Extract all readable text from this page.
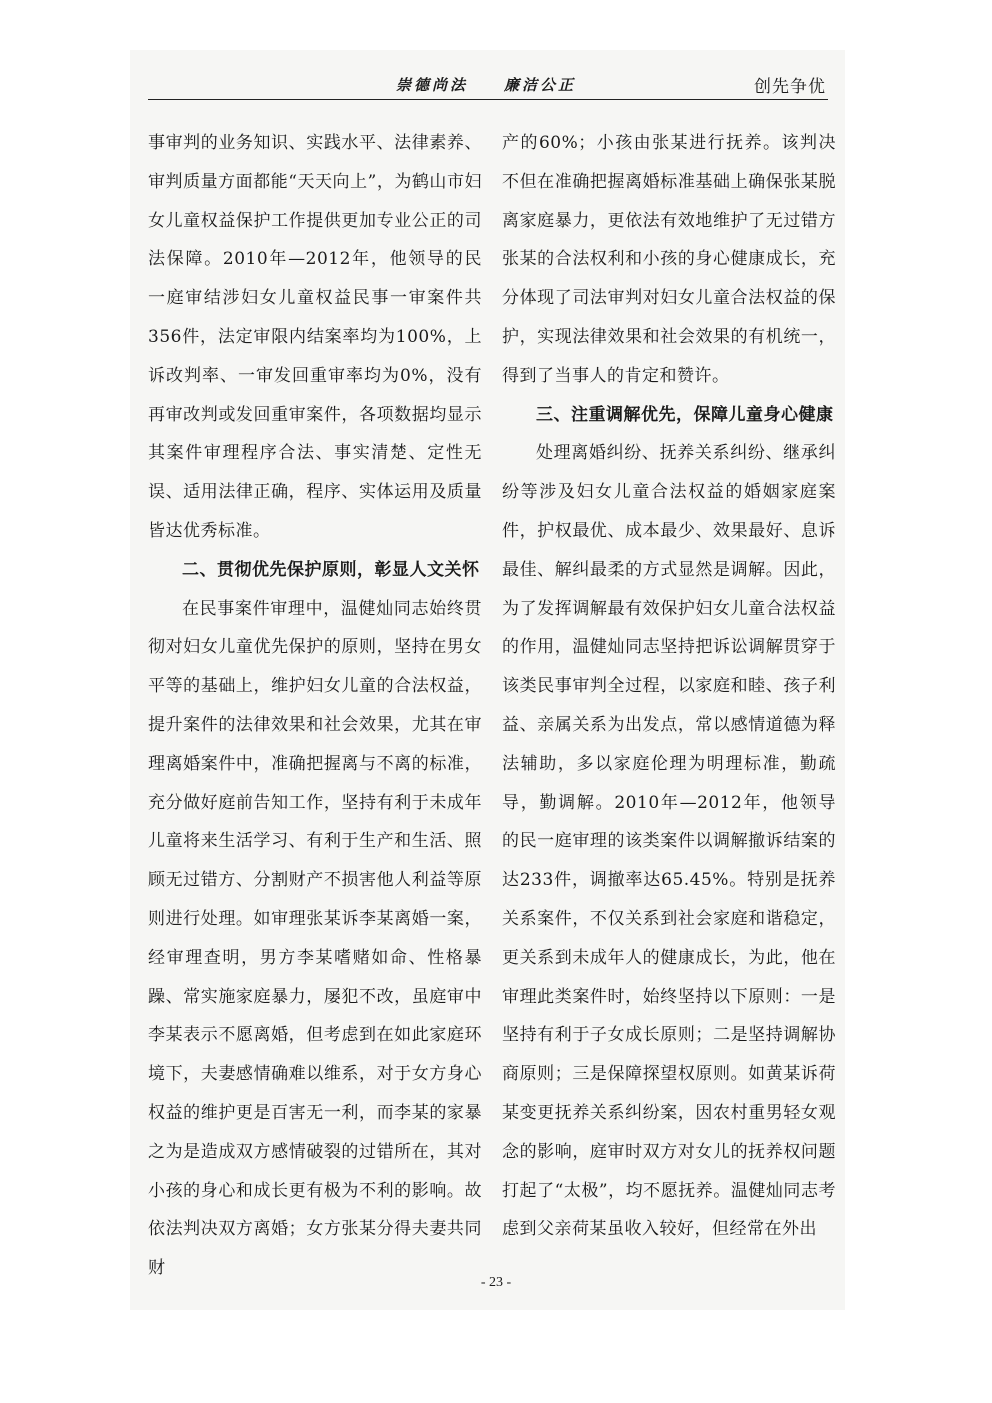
崇德尚法　　廉洁公正	创先争优

事审判的业务知识、实践水平、法律素养、审判质量方面都能“天天向上”，为鹤山市妇女儿童权益保护工作提供更加专业公正的司法保障。2010年—2012年，他领导的民一庭审结涉妇女儿童权益民事一审案件共356件，法定审限内结案率均为100%，上诉改判率、一审发回重审率均为0%，没有再审改判或发回重审案件，各项数据均显示其案件审理程序合法、事实清楚、定性无误、适用法律正确，程序、实体运用及质量皆达优秀标准。

二、贯彻优先保护原则，彰显人文关怀

在民事案件审理中，温健灿同志始终贯彻对妇女儿童优先保护的原则，坚持在男女平等的基础上，维护妇女儿童的合法权益，提升案件的法律效果和社会效果，尤其在审理离婚案件中，准确把握离与不离的标准，充分做好庭前告知工作，坚持有利于未成年儿童将来生活学习、有利于生产和生活、照顾无过错方、分割财产不损害他人利益等原则进行处理。如审理张某诉李某离婚一案，经审理查明，男方李某嗜赌如命、性格暴躁、常实施家庭暴力，屡犯不改，虽庭审中李某表示不愿离婚，但考虑到在如此家庭环境下，夫妻感情确难以维系，对于女方身心权益的维护更是百害无一利，而李某的家暴之为是造成双方感情破裂的过错所在，其对小孩的身心和成长更有极为不利的影响。故依法判决双方离婚；女方张某分得夫妻共同财

产的60%；小孩由张某进行抚养。该判决不但在准确把握离婚标准基础上确保张某脱离家庭暴力，更依法有效地维护了无过错方张某的合法权利和小孩的身心健康成长，充分体现了司法审判对妇女儿童合法权益的保护，实现法律效果和社会效果的有机统一，得到了当事人的肯定和赞许。

三、注重调解优先，保障儿童身心健康

处理离婚纠纷、抚养关系纠纷、继承纠纷等涉及妇女儿童合法权益的婚姻家庭案件，护权最优、成本最少、效果最好、息诉最佳、解纠最柔的方式显然是调解。因此，为了发挥调解最有效保护妇女儿童合法权益的作用，温健灿同志坚持把诉讼调解贯穿于该类民事审判全过程，以家庭和睦、孩子利益、亲属关系为出发点，常以感情道德为释法辅助，多以家庭伦理为明理标准，勤疏导，勤调解。2010年—2012年，他领导的民一庭审理的该类案件以调解撤诉结案的达233件，调撤率达65.45%。特别是抚养关系案件，不仅关系到社会家庭和谐稳定，更关系到未成年人的健康成长，为此，他在审理此类案件时，始终坚持以下原则：一是坚持有利于子女成长原则；二是坚持调解协商原则；三是保障探望权原则。如黄某诉荷某变更抚养关系纠纷案，因农村重男轻女观念的影响，庭审时双方对女儿的抚养权问题打起了“太极”，均不愿抚养。温健灿同志考虑到父亲荷某虽收入较好，但经常在外出

- 23 -
